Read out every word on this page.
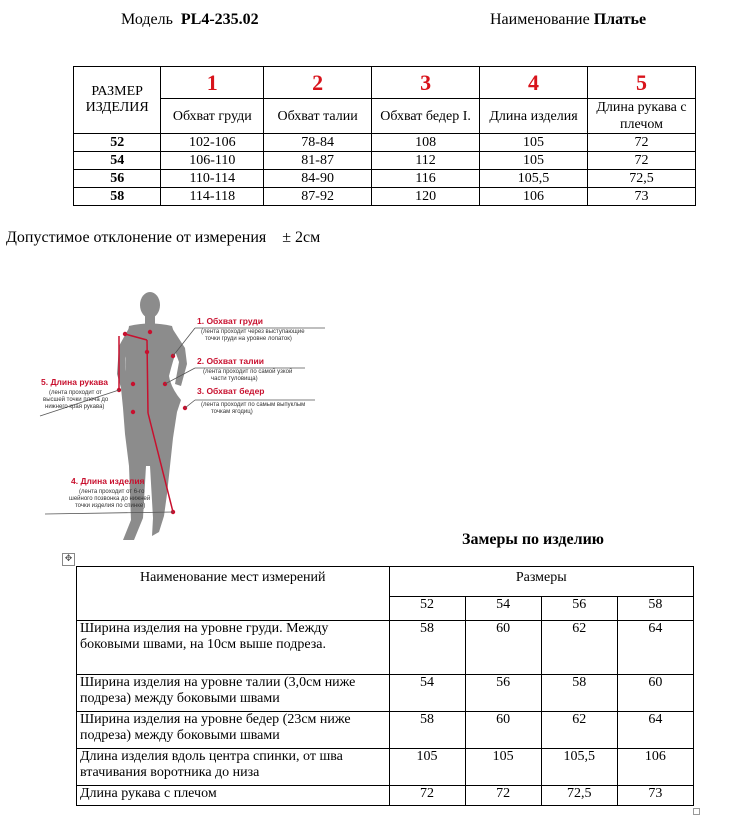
Модель PL4-235.02	Наименование Платье
РАЗМЕР ИЗДЕЛИЯ	1	2	3	4	5
	Обхват груди	Обхват талии	Обхват бедер I.	Длина изделия	Длина рукава с плечом
52	102-106	78-84	108	105	72
54	106-110	81-87	112	105	72
56	110-114	84-90	116	105,5	72,5
58	114-118	87-92	120	106	73
Допустимое отклонение от измерения ± 2см
1. Обхват груди
(лента проходит через выступающие
точки груди на уровне лопаток)
2. Обхват талии
(лента проходит по самой узкой
части туловища)
3. Обхват бедер
(лента проходит по самым выпуклым
точкам ягодиц)
5. Длина рукава
(лента проходит от
высшей точки плеча до
нижнего края рукава)
4. Длина изделия
(лента проходит от 6-го
шейного позвонка до нижней
точки изделия по спинке)
Замеры по изделию
✥
Наименование мест измерений	Размеры			
	52	54	56	58
Ширина изделия на уровне груди. Между боковыми швами, на 10см выше подреза.	58	60	62	64
Ширина изделия на уровне талии (3,0см ниже подреза) между боковыми швами	54	56	58	60
Ширина изделия на уровне бедер (23см ниже подреза) между боковыми швами	58	60	62	64
Длина изделия вдоль центра спинки, от шва втачивания воротника до низа	105	105	105,5	106
Длина рукава с плечом	72	72	72,5	73
